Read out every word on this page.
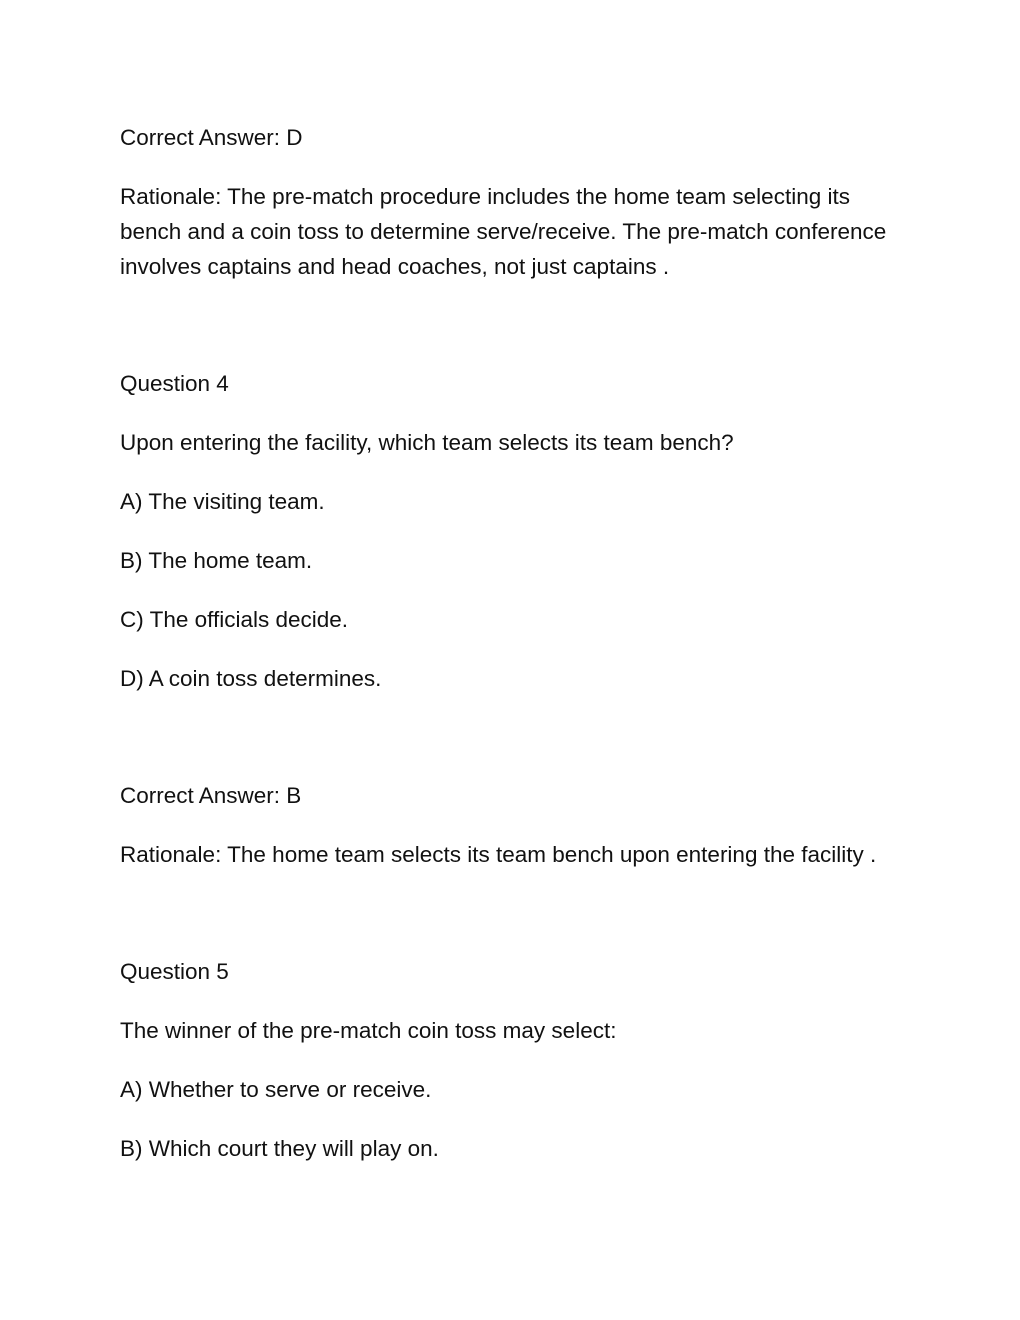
Correct Answer: D

Rationale: The pre-match procedure includes the home team selecting its bench and a coin toss to determine serve/receive. The pre-match conference involves captains and head coaches, not just captains .

Question 4

Upon entering the facility, which team selects its team bench?

A) The visiting team.

B) The home team.

C) The officials decide.

D) A coin toss determines.

Correct Answer: B

Rationale: The home team selects its team bench upon entering the facility .

Question 5

The winner of the pre-match coin toss may select:

A) Whether to serve or receive.

B) Which court they will play on.
